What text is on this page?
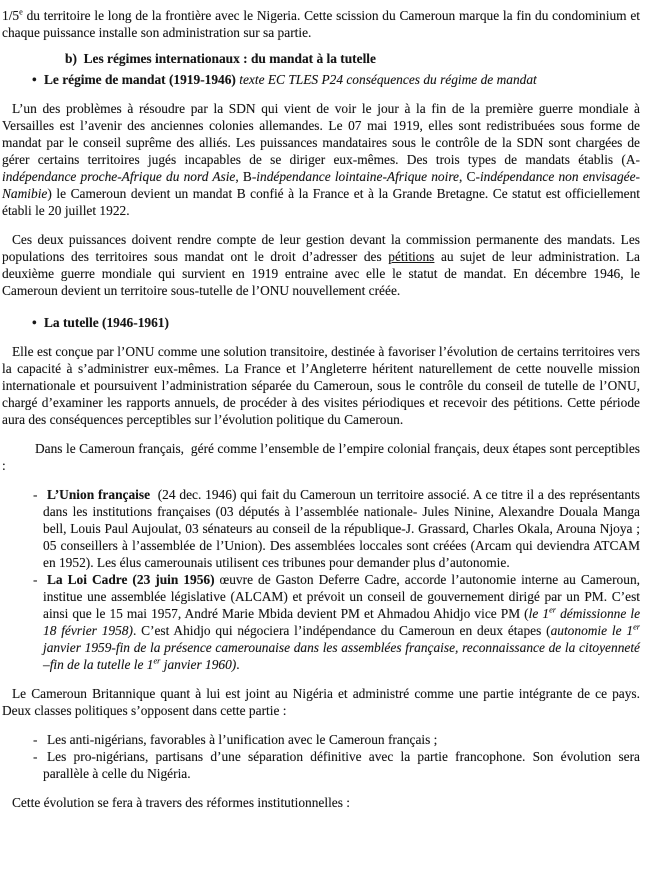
1/5e du territoire le long de la frontière avec le Nigeria. Cette scission du Cameroun marque la fin du condominium et chaque puissance installe son administration sur sa partie.
b)  Les régimes internationaux : du mandat à la tutelle
• Le régime de mandat (1919-1946) texte EC TLES P24 conséquences du régime de mandat
L’un des problèmes à résoudre par la SDN qui vient de voir le jour à la fin de la première guerre mondiale à Versailles est l’avenir des anciennes colonies allemandes. Le 07 mai 1919, elles sont redistribuées sous forme de mandat par le conseil suprême des alliés. Les puissances mandataires sous le contrôle de la SDN sont chargées de gérer certains territoires jugés incapables de se diriger eux-mêmes. Des trois types de mandats établis (A-indépendance proche-Afrique du nord Asie, B-indépendance lointaine-Afrique noire, C-indépendance non envisagée-Namibie) le Cameroun devient un mandat B confié à la France et à la Grande Bretagne. Ce statut est officiellement établi le 20 juillet 1922.
Ces deux puissances doivent rendre compte de leur gestion devant la commission permanente des mandats. Les populations des territoires sous mandat ont le droit d’adresser des pétitions au sujet de leur administration. La deuxième guerre mondiale qui survient en 1919 entraine avec elle le statut de mandat. En décembre 1946, le Cameroun devient un territoire sous-tutelle de l’ONU nouvellement créée.
• La tutelle (1946-1961)
Elle est conçue par l’ONU comme une solution transitoire, destinée à favoriser l’évolution de certains territoires vers la capacité à s’administrer eux-mêmes. La France et l’Angleterre héritent naturellement de cette nouvelle mission internationale et poursuivent l’administration séparée du Cameroun, sous le contrôle du conseil de tutelle de l’ONU, chargé d’examiner les rapports annuels, de procéder à des visites périodiques et recevoir des pétitions. Cette période aura des conséquences perceptibles sur l’évolution politique du Cameroun.
Dans le Cameroun français,  géré comme l’ensemble de l’empire colonial français, deux étapes sont perceptibles :
- L’Union française  (24 dec. 1946) qui fait du Cameroun un territoire associé. A ce titre il a des représentants dans les institutions françaises (03 députés à l’assemblée nationale- Jules Ninine, Alexandre Douala Manga bell, Louis Paul Aujoulat, 03 sénateurs au conseil de la république-J. Grassard, Charles Okala, Arouna Njoya ; 05 conseillers à l’assemblée de l’Union). Des assemblées loccales sont créées (Arcam qui deviendra ATCAM en 1952). Les élus camerounais utilisent ces tribunes pour demander plus d’autonomie.
- La Loi Cadre (23 juin 1956) œuvre de Gaston Deferre Cadre, accorde l’autonomie interne au Cameroun, institue une assemblée législative (ALCAM) et prévoit un conseil de gouvernement dirigé par un PM. C’est ainsi que le 15 mai 1957, André Marie Mbida devient PM et Ahmadou Ahidjo vice PM (le 1er démissionne le 18 février 1958). C’est Ahidjo qui négociera l’indépendance du Cameroun en deux étapes (autonomie le 1er janvier 1959-fin de la présence camerounaise dans les assemblées française, reconnaissance de la citoyenneté –fin de la tutelle le 1er janvier 1960).
Le Cameroun Britannique quant à lui est joint au Nigéria et administré comme une partie intégrante de ce pays. Deux classes politiques s’opposent dans cette partie :
- Les anti-nigérians, favorables à l’unification avec le Cameroun français ;
- Les pro-nigérians, partisans d’une séparation définitive avec la partie francophone. Son évolution sera parallèle à celle du Nigéria.
Cette évolution se fera à travers des réformes institutionnelles :
